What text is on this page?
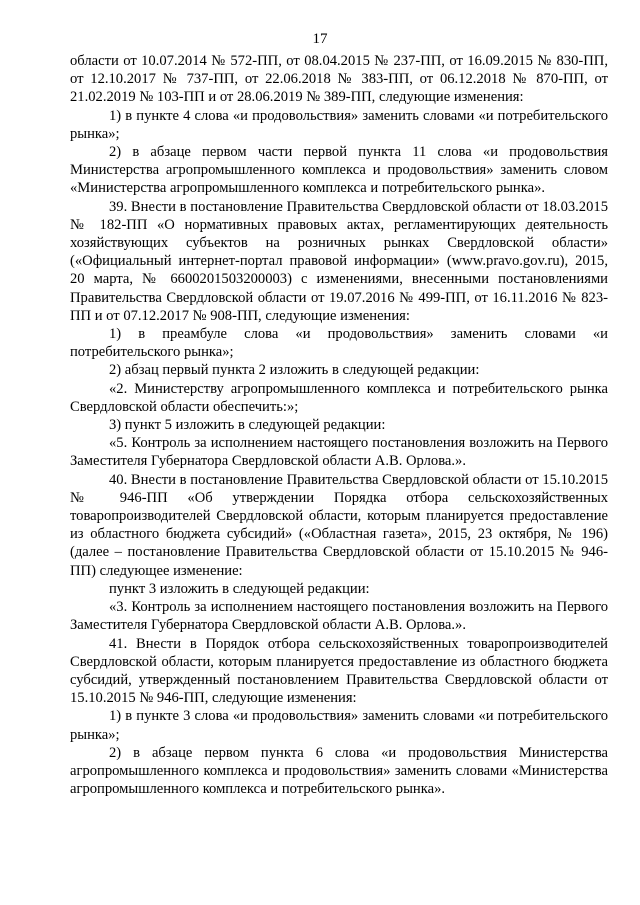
17

области от 10.07.2014 № 572-ПП, от 08.04.2015 № 237-ПП, от 16.09.2015 № 830-ПП, от 12.10.2017 № 737-ПП, от 22.06.2018 № 383-ПП, от 06.12.2018 № 870-ПП, от 21.02.2019 № 103-ПП и от 28.06.2019 № 389-ПП, следующие изменения:

1) в пункте 4 слова «и продовольствия» заменить словами «и потребительского рынка»;

2) в абзаце первом части первой пункта 11 слова «и продовольствия Министерства агропромышленного комплекса и продовольствия» заменить словом «Министерства агропромышленного комплекса и потребительского рынка».

39. Внести в постановление Правительства Свердловской области от 18.03.2015 № 182-ПП «О нормативных правовых актах, регламентирующих деятельность хозяйствующих субъектов на розничных рынках Свердловской области» («Официальный интернет-портал правовой информации» (www.pravo.gov.ru), 2015, 20 марта, № 6600201503200003) с изменениями, внесенными постановлениями Правительства Свердловской области от 19.07.2016 № 499-ПП, от 16.11.2016 № 823-ПП и от 07.12.2017 № 908-ПП, следующие изменения:

1) в преамбуле слова «и продовольствия» заменить словами «и потребительского рынка»;

2) абзац первый пункта 2 изложить в следующей редакции:

«2. Министерству агропромышленного комплекса и потребительского рынка Свердловской области обеспечить:»;

3) пункт 5 изложить в следующей редакции:

«5. Контроль за исполнением настоящего постановления возложить на Первого Заместителя Губернатора Свердловской области А.В. Орлова.».

40. Внести в постановление Правительства Свердловской области от 15.10.2015 № 946-ПП «Об утверждении Порядка отбора сельскохозяйственных товаропроизводителей Свердловской области, которым планируется предоставление из областного бюджета субсидий» («Областная газета», 2015, 23 октября, № 196) (далее – постановление Правительства Свердловской области от 15.10.2015 № 946-ПП) следующее изменение:

пункт 3 изложить в следующей редакции:

«3. Контроль за исполнением настоящего постановления возложить на Первого Заместителя Губернатора Свердловской области А.В. Орлова.».

41. Внести в Порядок отбора сельскохозяйственных товаропроизводителей Свердловской области, которым планируется предоставление из областного бюджета субсидий, утвержденный постановлением Правительства Свердловской области от 15.10.2015 № 946-ПП, следующие изменения:

1) в пункте 3 слова «и продовольствия» заменить словами «и потребительского рынка»;

2) в абзаце первом пункта 6 слова «и продовольствия Министерства агропромышленного комплекса и продовольствия» заменить словами «Министерства агропромышленного комплекса и потребительского рынка».
